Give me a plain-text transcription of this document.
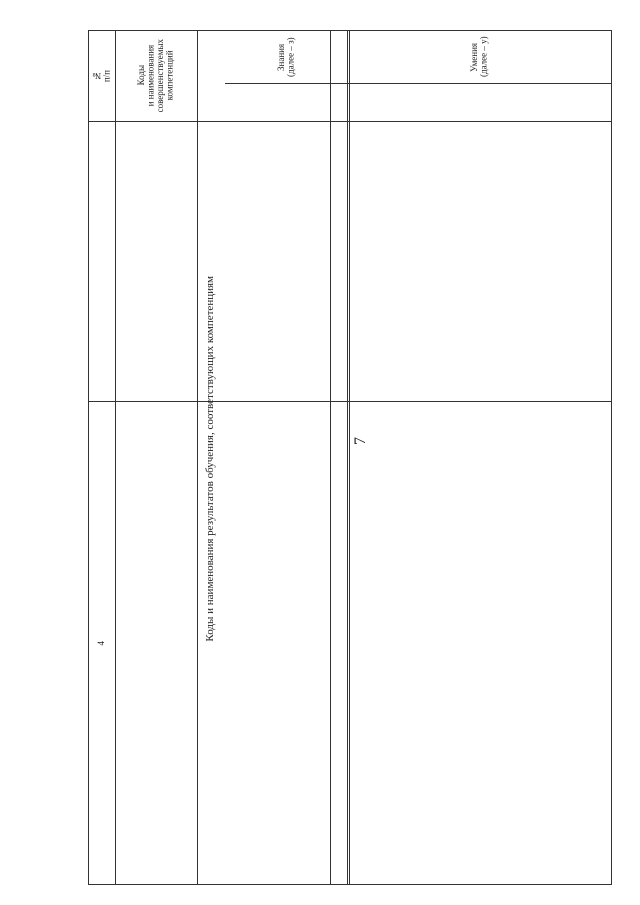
7
№
п/п	Коды
и наименования
совершенствуемых
компетенций
Коды и наименования результатов обучения, соответствующих компетенциям
Знания (далее – з)	Умения (далее – у)
4
